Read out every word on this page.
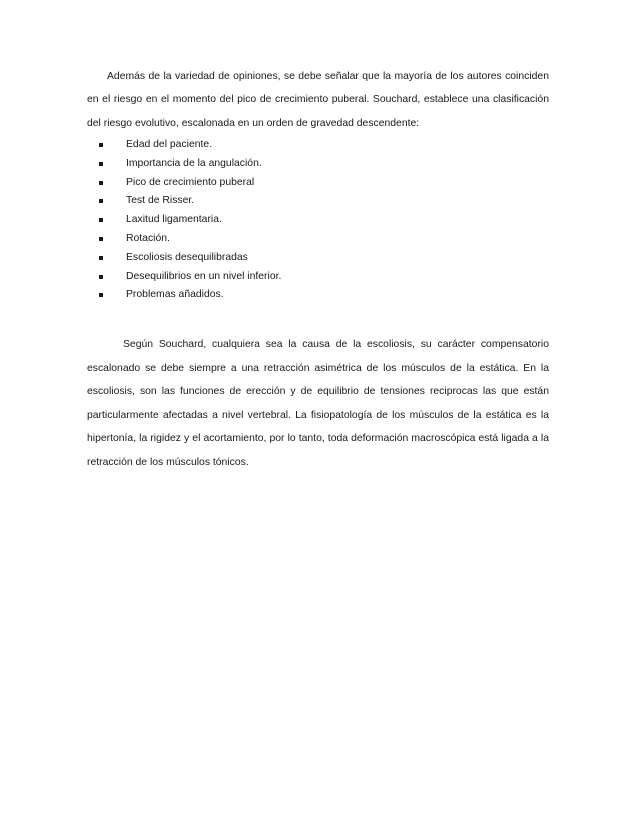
Además de la variedad de opiniones, se debe señalar que la mayoría de los autores coinciden en el riesgo en el momento del pico de crecimiento puberal. Souchard, establece una clasificación del riesgo evolutivo, escalonada en un orden de gravedad descendente:

Edad del paciente.
Importancia de la angulación.
Pico de crecimiento puberal
Test de Risser.
Laxitud ligamentaria.
Rotación.
Escoliosis desequilibradas
Desequilibrios en un nivel inferior.
Problemas añadidos.

Según Souchard, cualquiera sea la causa de la escoliosis, su carácter compensatorio escalonado se debe siempre a una retracción asimétrica de los músculos de la estática. En la escoliosis, son las funciones de erección y de equilibrio de tensiones reciprocas las que están particularmente afectadas a nivel vertebral. La fisiopatología de los músculos de la estática es la hipertonía, la rigidez y el acortamiento, por lo tanto, toda deformación macroscópica está ligada a la retracción de los músculos tónicos.
